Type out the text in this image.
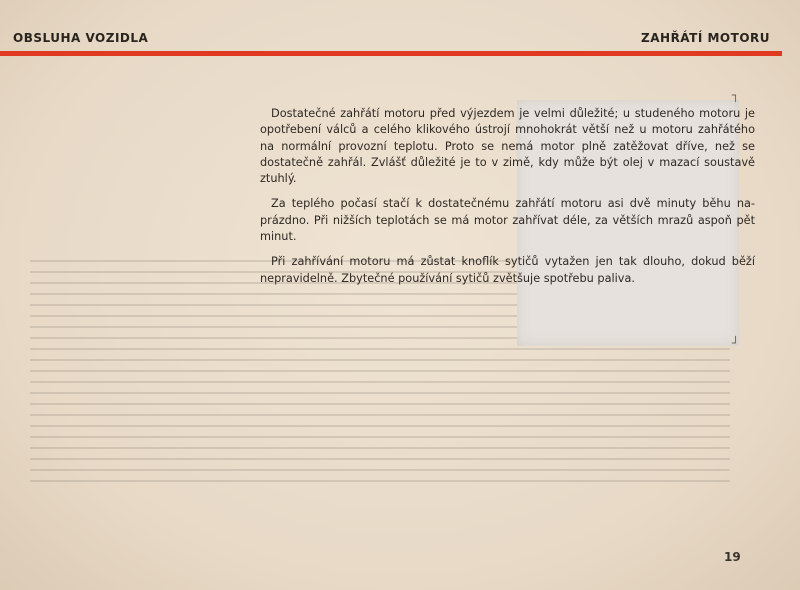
OBSLUHA VOZIDLA	ZAHŘÁTÍ MOTORU
┐
┘

Dostatečné zahřátí motoru před výjezdem je velmi důležité; u studeného motoru je opotřebení válců a celého klikového ústrojí mnohokrát větší než u motoru zahřátého na normální provozní teplotu. Proto se nemá motor plně zatěžovat dříve, než se dostatečně zahřál. Zvlášť důležité je to v zimě, kdy může být olej v mazací soustavě ztuhlý.

Za teplého počasí stačí k dostatečnému zahřátí motoru asi dvě minuty běhu naprázdno. Při nižších teplotách se má motor zahřívat déle, za větších mrazů aspoň pět minut.

Při zahřívání motoru má zůstat knoflík sytičů vytažen jen tak dlouho, dokud běží nepravidelně. Zbytečné používání sytičů zvětšuje spotřebu paliva.

19
